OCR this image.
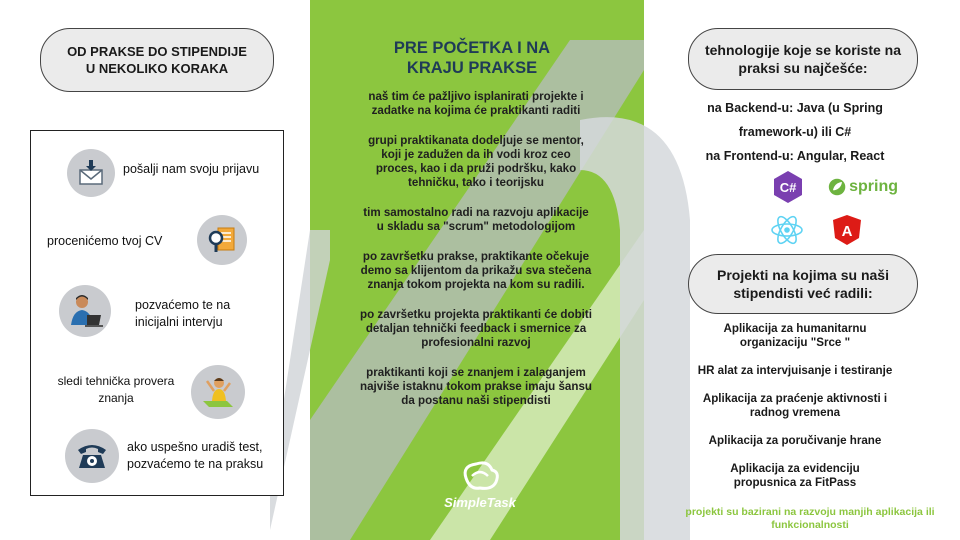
OD PRAKSE DO STIPENDIJE U NEKOLIKO KORAKA
pošalji nam svoju prijavu
procenićemo tvoj CV
pozvaćemo te na inicijalni intervju
sledi tehnička provera znanja
ako uspešno uradiš test, pozvaćemo te na praksu
PRE POČETKA I NA KRAJU PRAKSE

naš tim će pažljivo isplanirati projekte i zadatke na kojima će praktikanti raditi

grupi praktikanata dodeljuje se mentor, koji je zadužen da ih vodi kroz ceo proces, kao i da pruži podršku, kako tehničku, tako i teorijsku

tim samostalno radi na razvoju aplikacije u skladu sa "scrum" metodologijom

po završetku prakse, praktikante očekuje demo sa klijentom da prikažu sva stečena znanja tokom projekta na kom su radili.

po završetku projekta praktikanti će dobiti detaljan tehnički feedback i smernice za profesionalni razvoj

praktikanti koji se znanjem i zalaganjem najviše istaknu tokom prakse imaju šansu da postanu naši stipendisti

SimpleTask
tehnologije koje se koriste na praksi su najčešće:
na Backend-u: Java (u Spring framework-u) ili C#
na Frontend-u: Angular, React
C#	spring
A
Projekti na kojima su naši stipendisti već radili:

Aplikacija za humanitarnu organizaciju "Srce "

HR alat za intervjuisanje i testiranje

Aplikacija za praćenje aktivnosti i radnog vremena

Aplikacija za poručivanje hrane

Aplikacija za evidenciju propusnica za FitPass

projekti su bazirani na razvoju manjih aplikacija ili funkcionalnosti
